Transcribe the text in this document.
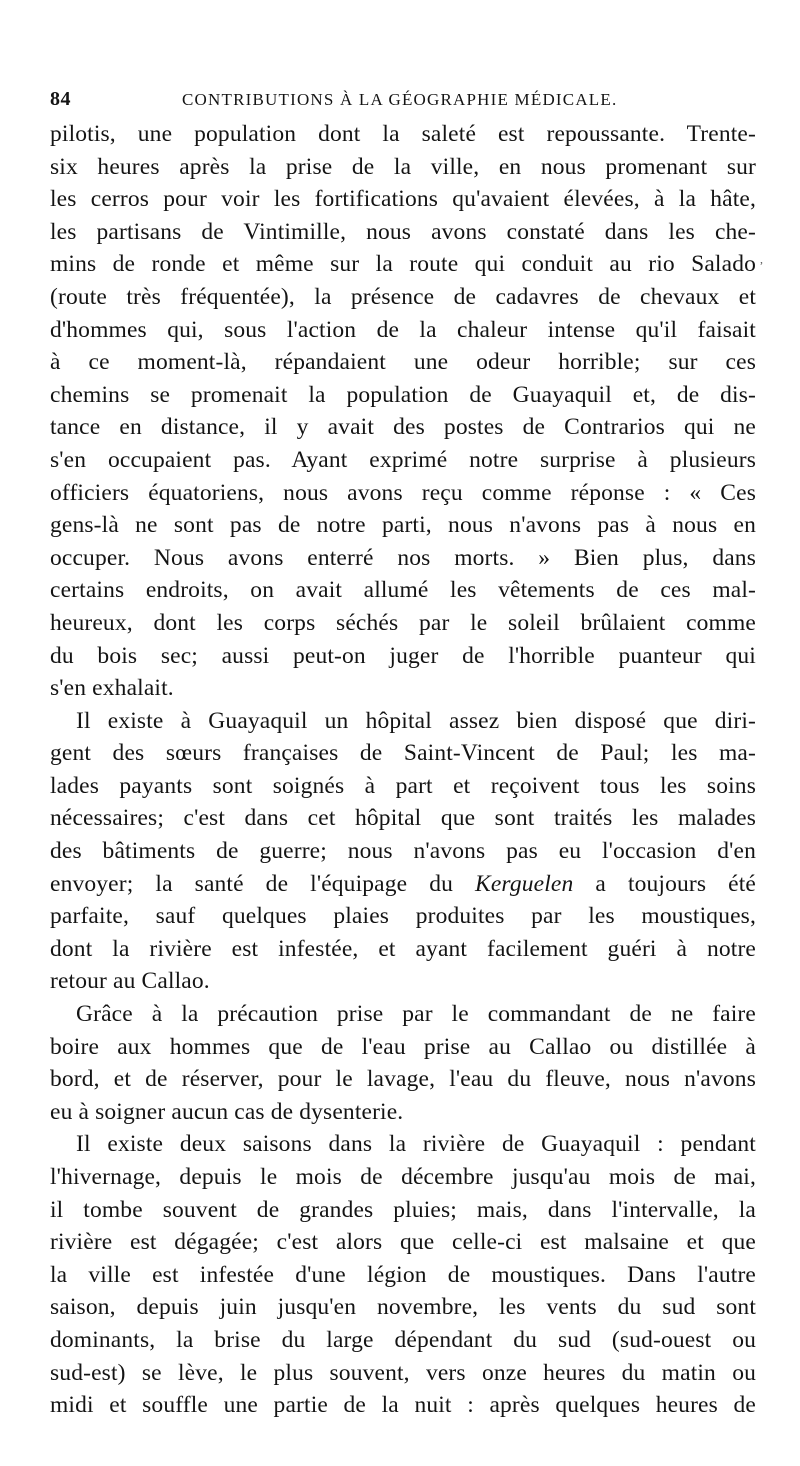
84	CONTRIBUTIONS À LA GÉOGRAPHIE MÉDICALE.
,
pilotis, une population dont la saleté est repoussante. Trente-
six heures après la prise de la ville, en nous promenant sur
les cerros pour voir les fortifications qu'avaient élevées, à la hâte,
les partisans de Vintimille, nous avons constaté dans les che-
mins de ronde et même sur la route qui conduit au rio Salado
(route très fréquentée), la présence de cadavres de chevaux et
d'hommes qui, sous l'action de la chaleur intense qu'il faisait
à ce moment-là, répandaient une odeur horrible; sur ces
chemins se promenait la population de Guayaquil et, de dis-
tance en distance, il y avait des postes de Contrarios qui ne
s'en occupaient pas. Ayant exprimé notre surprise à plusieurs
officiers équatoriens, nous avons reçu comme réponse : « Ces
gens-là ne sont pas de notre parti, nous n'avons pas à nous en
occuper. Nous avons enterré nos morts. » Bien plus, dans
certains endroits, on avait allumé les vêtements de ces mal-
heureux, dont les corps séchés par le soleil brûlaient comme
du bois sec; aussi peut-on juger de l'horrible puanteur qui
s'en exhalait.
Il existe à Guayaquil un hôpital assez bien disposé que diri-
gent des sœurs françaises de Saint-Vincent de Paul; les ma-
lades payants sont soignés à part et reçoivent tous les soins
nécessaires; c'est dans cet hôpital que sont traités les malades
des bâtiments de guerre; nous n'avons pas eu l'occasion d'en
envoyer; la santé de l'équipage du Kerguelen a toujours été
parfaite, sauf quelques plaies produites par les moustiques,
dont la rivière est infestée, et ayant facilement guéri à notre
retour au Callao.
Grâce à la précaution prise par le commandant de ne faire
boire aux hommes que de l'eau prise au Callao ou distillée à
bord, et de réserver, pour le lavage, l'eau du fleuve, nous n'avons
eu à soigner aucun cas de dysenterie.
Il existe deux saisons dans la rivière de Guayaquil : pendant
l'hivernage, depuis le mois de décembre jusqu'au mois de mai,
il tombe souvent de grandes pluies; mais, dans l'intervalle, la
rivière est dégagée; c'est alors que celle-ci est malsaine et que
la ville est infestée d'une légion de moustiques. Dans l'autre
saison, depuis juin jusqu'en novembre, les vents du sud sont
dominants, la brise du large dépendant du sud (sud-ouest ou
sud-est) se lève, le plus souvent, vers onze heures du matin ou
midi et souffle une partie de la nuit : après quelques heures de
